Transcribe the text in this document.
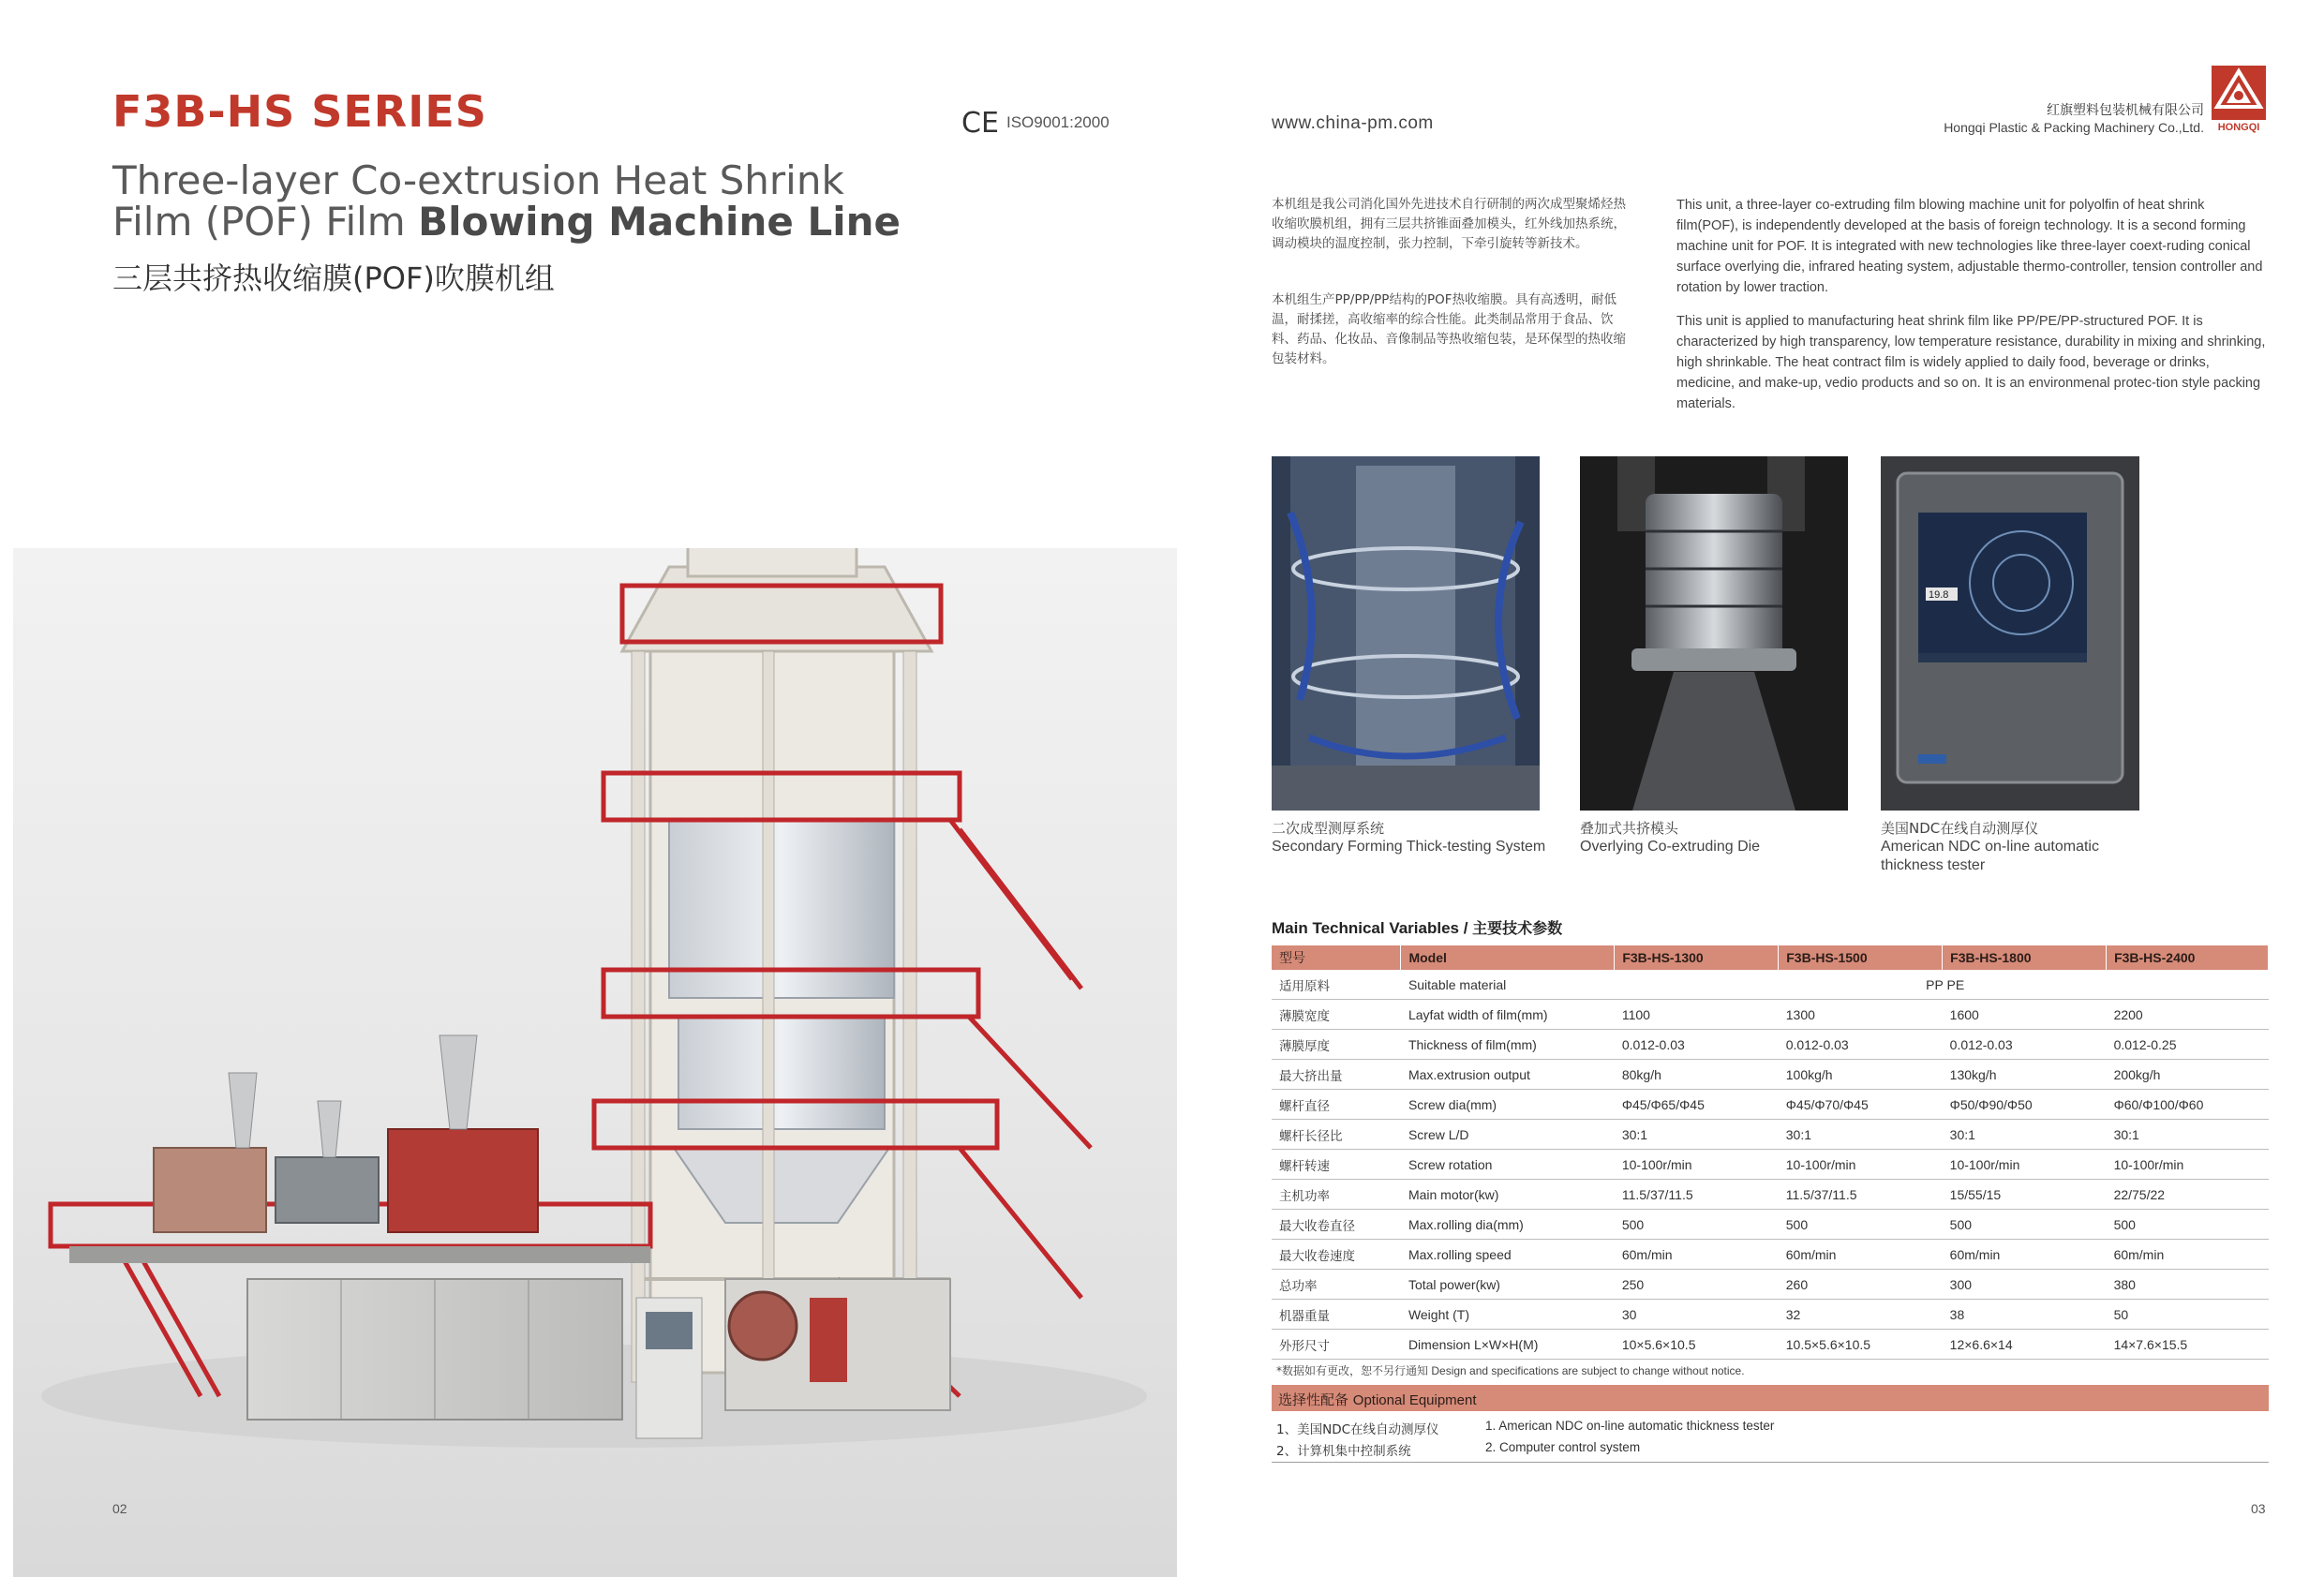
F3B-HS SERIES
Three-layer Co-extrusion Heat Shrink
Film (POF) Film Blowing Machine Line
三层共挤热收缩膜(POF)吹膜机组
CE ISO9001:2000
02
www.china-pm.com
红旗塑料包装机械有限公司
Hongqi Plastic & Packing Machinery Co.,Ltd.	HONGQI
本机组是我公司消化国外先进技术自行研制的两次成型聚烯烃热收缩吹膜机组，拥有三层共挤锥面叠加模头，红外线加热系统，调动模块的温度控制，张力控制，下牵引旋转等新技术。
本机组生产PP/PP/PP结构的POF热收缩膜。具有高透明，耐低温，耐揉搓，高收缩率的综合性能。此类制品常用于食品、饮料、药品、化妆品、音像制品等热收缩包装，是环保型的热收缩包装材料。
This unit, a three-layer co-extruding film blowing machine unit for polyolfin of heat shrink film(POF), is independently developed at the basis of foreign technology. It is a second forming machine unit for POF. It is integrated with new technologies like three-layer coext-ruding conical surface overlying die, infrared heating system, adjustable thermo-controller, tension controller and rotation by lower traction.
This unit is applied to manufacturing heat shrink film like PP/PE/PP-structured POF. It is characterized by high transparency, low temperature resistance, durability in mixing and shrinking, high shrinkable. The heat contract film is widely applied to daily food, beverage or drinks, medicine, and make-up, vedio products and so on. It is an environmenal protec-tion style packing materials.
19.8
二次成型测厚系统
Secondary Forming Thick-testing System
叠加式共挤模头
Overlying Co-extruding Die
美国NDC在线自动测厚仪
American NDC on-line automatic
thickness tester
Main Technical Variables / 主要技术参数
型号	Model	F3B-HS-1300	F3B-HS-1500	F3B-HS-1800	F3B-HS-2400
适用原料	Suitable material	PP PE			
薄膜宽度	Layfat width of film(mm)	1100	1300	1600	2200
薄膜厚度	Thickness of film(mm)	0.012-0.03	0.012-0.03	0.012-0.03	0.012-0.25
最大挤出量	Max.extrusion output	80kg/h	100kg/h	130kg/h	200kg/h
螺杆直径	Screw dia(mm)	Φ45/Φ65/Φ45	Φ45/Φ70/Φ45	Φ50/Φ90/Φ50	Φ60/Φ100/Φ60
螺杆长径比	Screw L/D	30:1	30:1	30:1	30:1
螺杆转速	Screw rotation	10-100r/min	10-100r/min	10-100r/min	10-100r/min
主机功率	Main motor(kw)	11.5/37/11.5	11.5/37/11.5	15/55/15	22/75/22
最大收卷直径	Max.rolling dia(mm)	500	500	500	500
最大收卷速度	Max.rolling speed	60m/min	60m/min	60m/min	60m/min
总功率	Total power(kw)	250	260	300	380
机器重量	Weight (T)	30	32	38	50
外形尺寸	Dimension L×W×H(M)	10×5.6×10.5	10.5×5.6×10.5	12×6.6×14	14×7.6×15.5
*数据如有更改，恕不另行通知 Design and specifications are subject to change without notice.
选择性配备 Optional Equipment
1、美国NDC在线自动测厚仪	1. American NDC on-line automatic thickness tester
2、计算机集中控制系统	2. Computer control system
03
